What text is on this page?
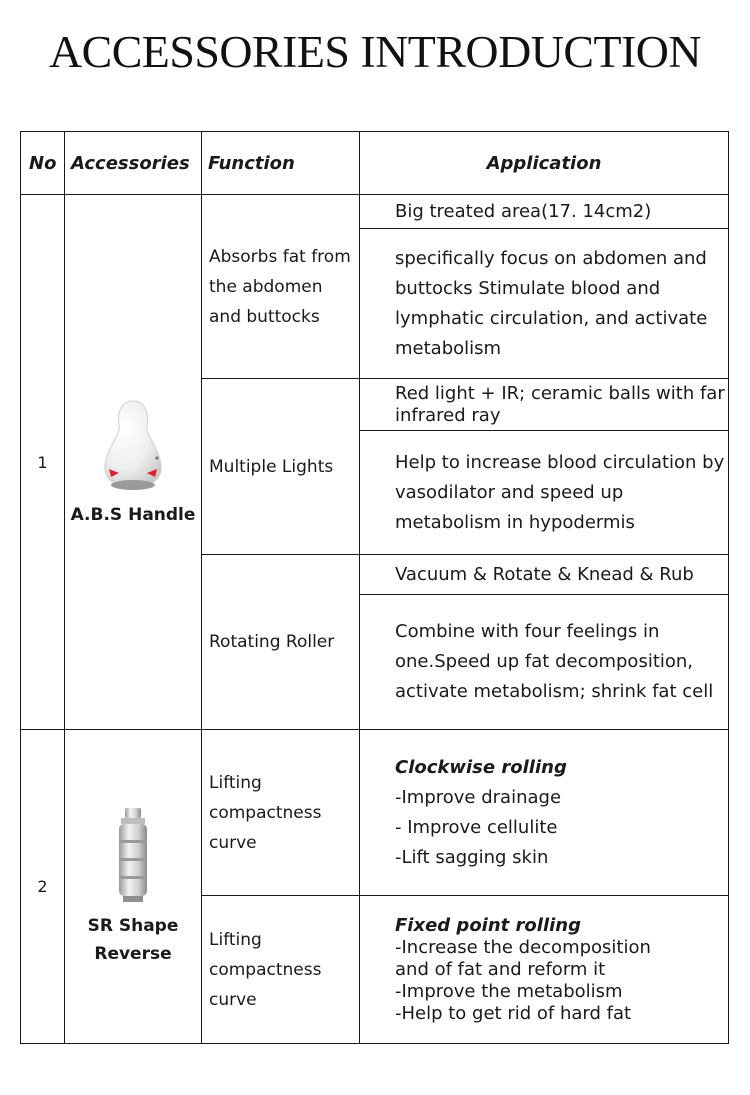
ACCESSORIES INTRODUCTION
No	Accessories	Function	Application
1	A.B.S Handle	Absorbs fat from the abdomen and buttocks	Big treated area(17. 14cm2)
			specifically focus on abdomen and buttocks Stimulate blood and lymphatic circulation, and activate metabolism
		Multiple Lights	Red light + IR; ceramic balls with far infrared ray
			Help to increase blood circulation by vasodilator and speed up metabolism in hypodermis
		Rotating Roller	Vacuum & Rotate & Knead & Rub
			Combine with four feelings in one.Speed up fat decomposition, activate metabolism; shrink fat cell
2	SR Shape Reverse	Lifting compactness curve	Clockwise rolling
-Improve drainage
- Improve cellulite
-Lift sagging skin

		Lifting compactness curve	Fixed point rolling
-Increase the decomposition
and of fat and reform it
-Improve the metabolism
-Help to get rid of hard fat
